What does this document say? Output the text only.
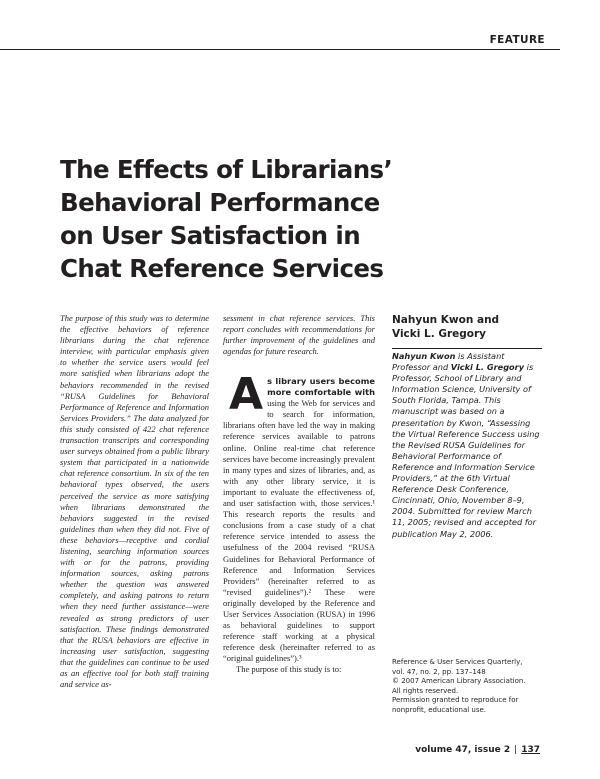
FEATURE
The Effects of Librarians’ Behavioral Performance on User Satisfaction in Chat Reference Services
The purpose of this study was to determine the effective behaviors of reference librarians during the chat reference interview, with particular emphasis given to whether the service users would feel more satisfied when librarians adopt the behaviors recommended in the revised “RUSA Guidelines for Behavioral Performance of Reference and Information Services Providers.” The data analyzed for this study consisted of 422 chat reference transaction transcripts and corresponding user surveys obtained from a public library system that participated in a nationwide chat reference consortium. In six of the ten behavioral types observed, the users perceived the service as more satisfying when librarians demonstrated the behaviors suggested in the revised guidelines than when they did not. Five of these behaviors—receptive and cordial listening, searching information sources with or for the patrons, providing information sources, asking patrons whether the question was answered completely, and asking patrons to return when they need further assistance—were revealed as strong predictors of user satisfaction. These findings demonstrated that the RUSA behaviors are effective in increasing user satisfaction, suggesting that the guidelines can continue to be used as an effective tool for both staff training and service as-
sessment in chat reference services. This report concludes with recommendations for further improvement of the guidelines and agendas for future research.

As library users become more comfortable with using the Web for services and to search for information, librarians often have led the way in making reference services available to patrons online. Online real-time chat reference services have become increasingly prevalent in many types and sizes of libraries, and, as with any other library service, it is important to evaluate the effectiveness of, and user satisfaction with, those services.¹ This research reports the results and conclusions from a case study of a chat reference service intended to assess the usefulness of the 2004 revised “RUSA Guidelines for Behavioral Performance of Reference and Information Services Providers” (hereinafter referred to as “revised guidelines”).² These were originally developed by the Reference and User Services Association (RUSA) in 1996 as behavioral guidelines to support reference staff working at a physical reference desk (hereinafter referred to as “original guidelines”).³

The purpose of this study is to:

Nahyun Kwon and
Vicki L. Gregory
Nahyun Kwon is Assistant Professor and Vicki L. Gregory is Professor, School of Library and Information Science, University of South Florida, Tampa. This manuscript was based on a presentation by Kwon, “Assessing the Virtual Reference Success using the Revised RUSA Guidelines for Behavioral Performance of Reference and Information Service Providers,” at the 6th Virtual Reference Desk Conference, Cincinnati, Ohio, November 8–9, 2004. Submitted for review March 11, 2005; revised and accepted for publication May 2, 2006.
Reference & User Services Quarterly,
vol. 47, no. 2, pp. 137–148
© 2007 American Library Association.
All rights reserved.
Permission granted to reproduce for
nonprofit, educational use.
volume 47, issue 2 | 137
